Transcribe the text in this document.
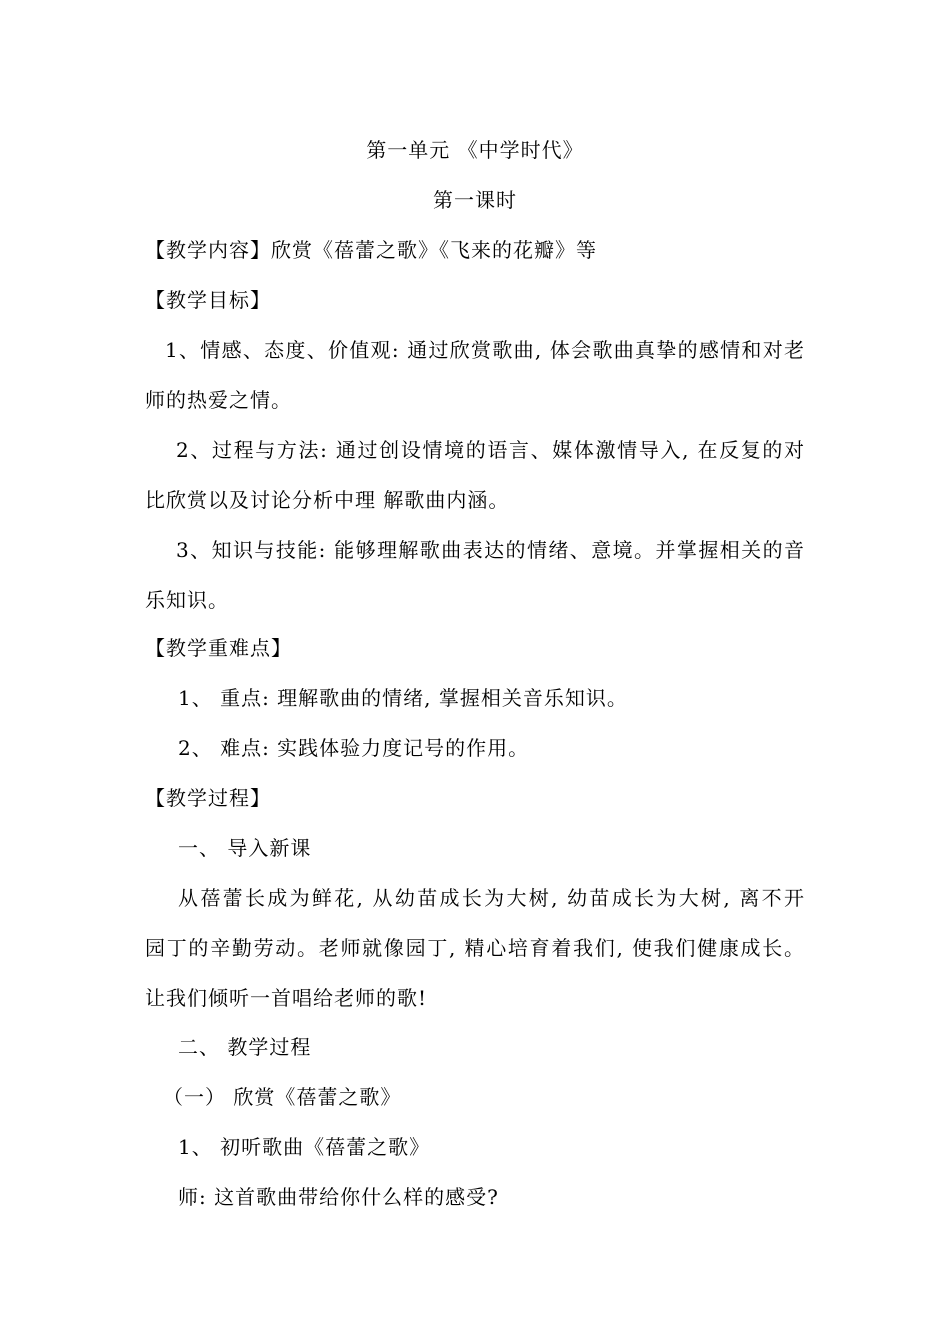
第一单元 《中学时代》
第一课时
【教学内容】欣赏《蓓蕾之歌》《飞来的花瓣》等
【教学目标】
1、情感、态度、价值观: 通过欣赏歌曲, 体会歌曲真挚的感情和对老
师的热爱之情。
2、过程与方法: 通过创设情境的语言、媒体激情导入, 在反复的对
比欣赏以及讨论分析中理 解歌曲内涵。
3、知识与技能: 能够理解歌曲表达的情绪、意境。并掌握相关的音
乐知识。
【教学重难点】
1、 重点: 理解歌曲的情绪, 掌握相关音乐知识。
2、 难点: 实践体验力度记号的作用。
【教学过程】
一、 导入新课
从蓓蕾长成为鲜花, 从幼苗成长为大树, 幼苗成长为大树, 离不开
园丁的辛勤劳动。老师就像园丁, 精心培育着我们, 使我们健康成长。
让我们倾听一首唱给老师的歌!
二、 教学过程
（一） 欣赏《蓓蕾之歌》
1、 初听歌曲《蓓蕾之歌》
师: 这首歌曲带给你什么样的感受?
